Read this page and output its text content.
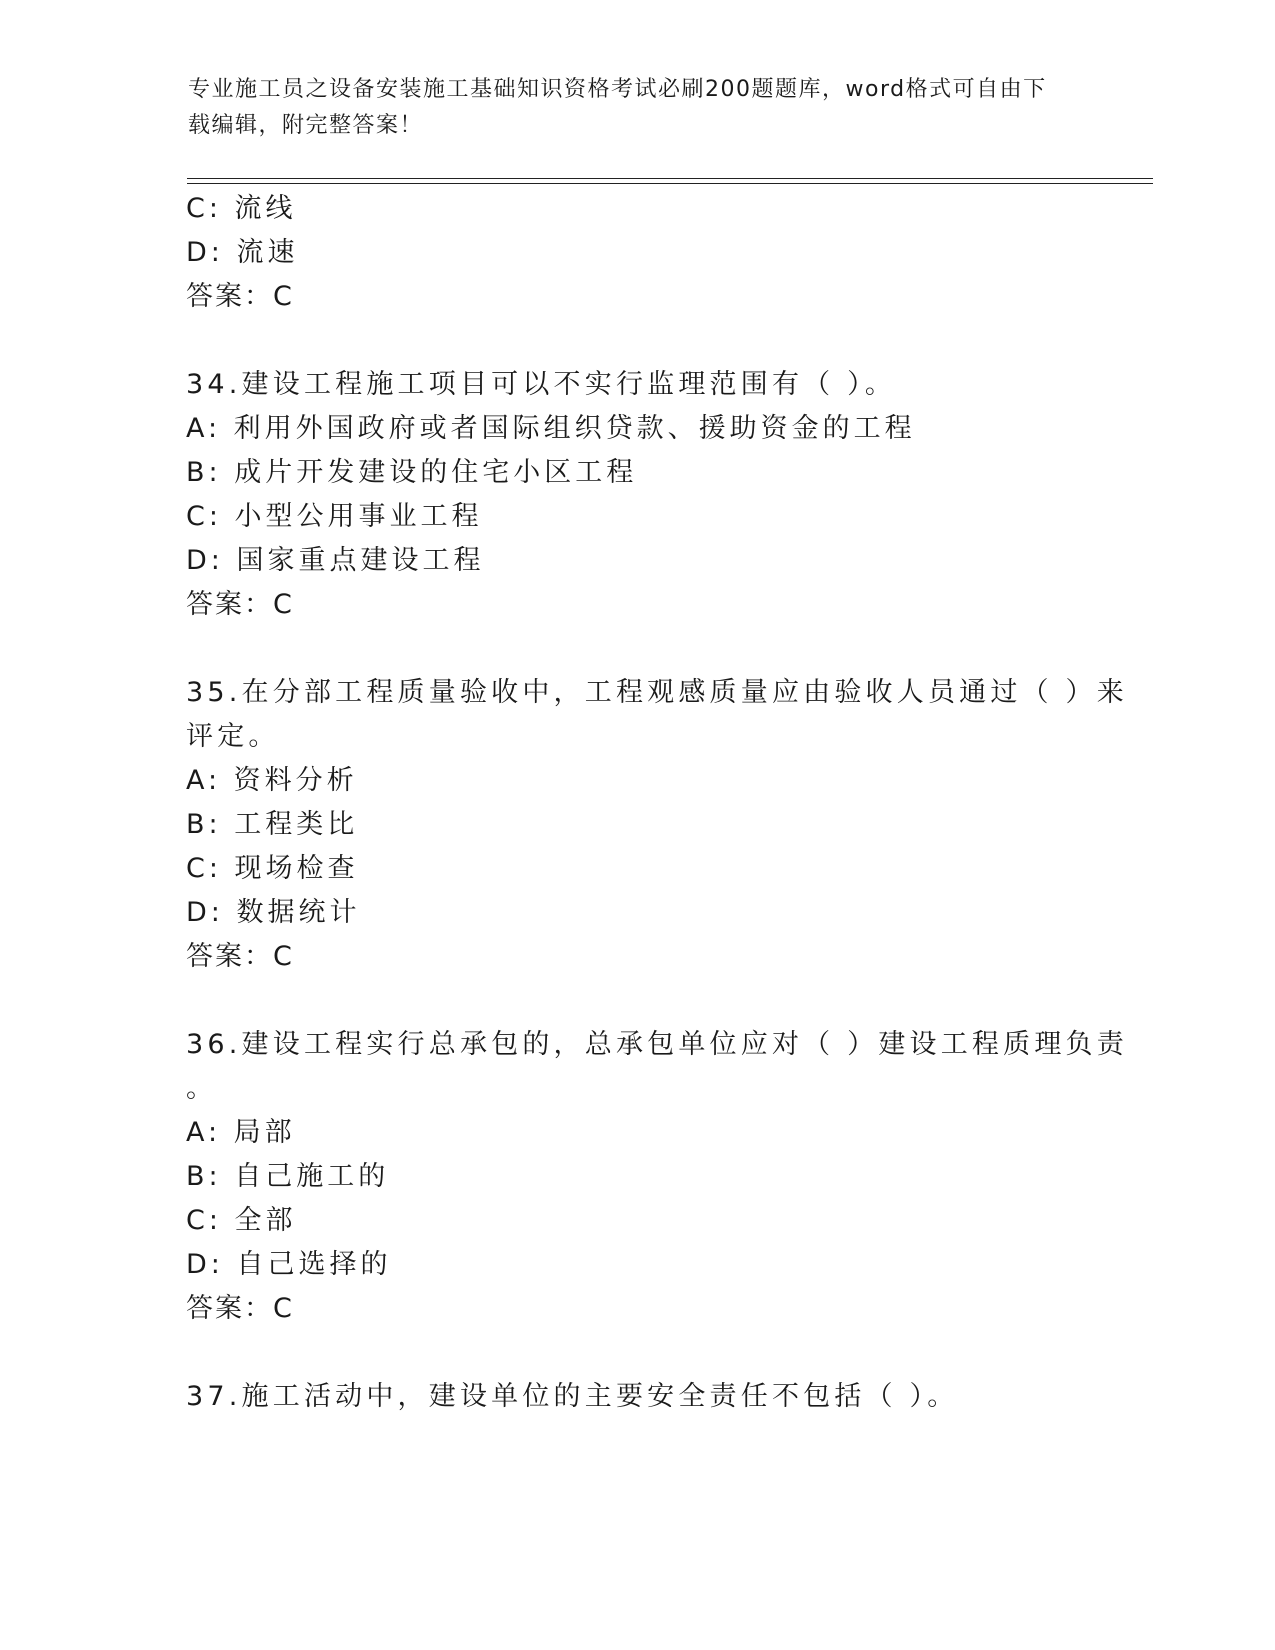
专业施工员之设备安装施工基础知识资格考试必刷200题题库，word格式可自由下载编辑，附完整答案！
C: 流线
D: 流速
答案：C
34.建设工程施工项目可以不实行监理范围有（ ）。
A: 利用外国政府或者国际组织贷款、援助资金的工程
B: 成片开发建设的住宅小区工程
C: 小型公用事业工程
D: 国家重点建设工程
答案：C
35.在分部工程质量验收中，工程观感质量应由验收人员通过（ ）来
评定。
A: 资料分析
B: 工程类比
C: 现场检查
D: 数据统计
答案：C
36.建设工程实行总承包的，总承包单位应对（ ）建设工程质理负责
。
A: 局部
B: 自己施工的
C: 全部
D: 自己选择的
答案：C
37.施工活动中，建设单位的主要安全责任不包括（ ）。
